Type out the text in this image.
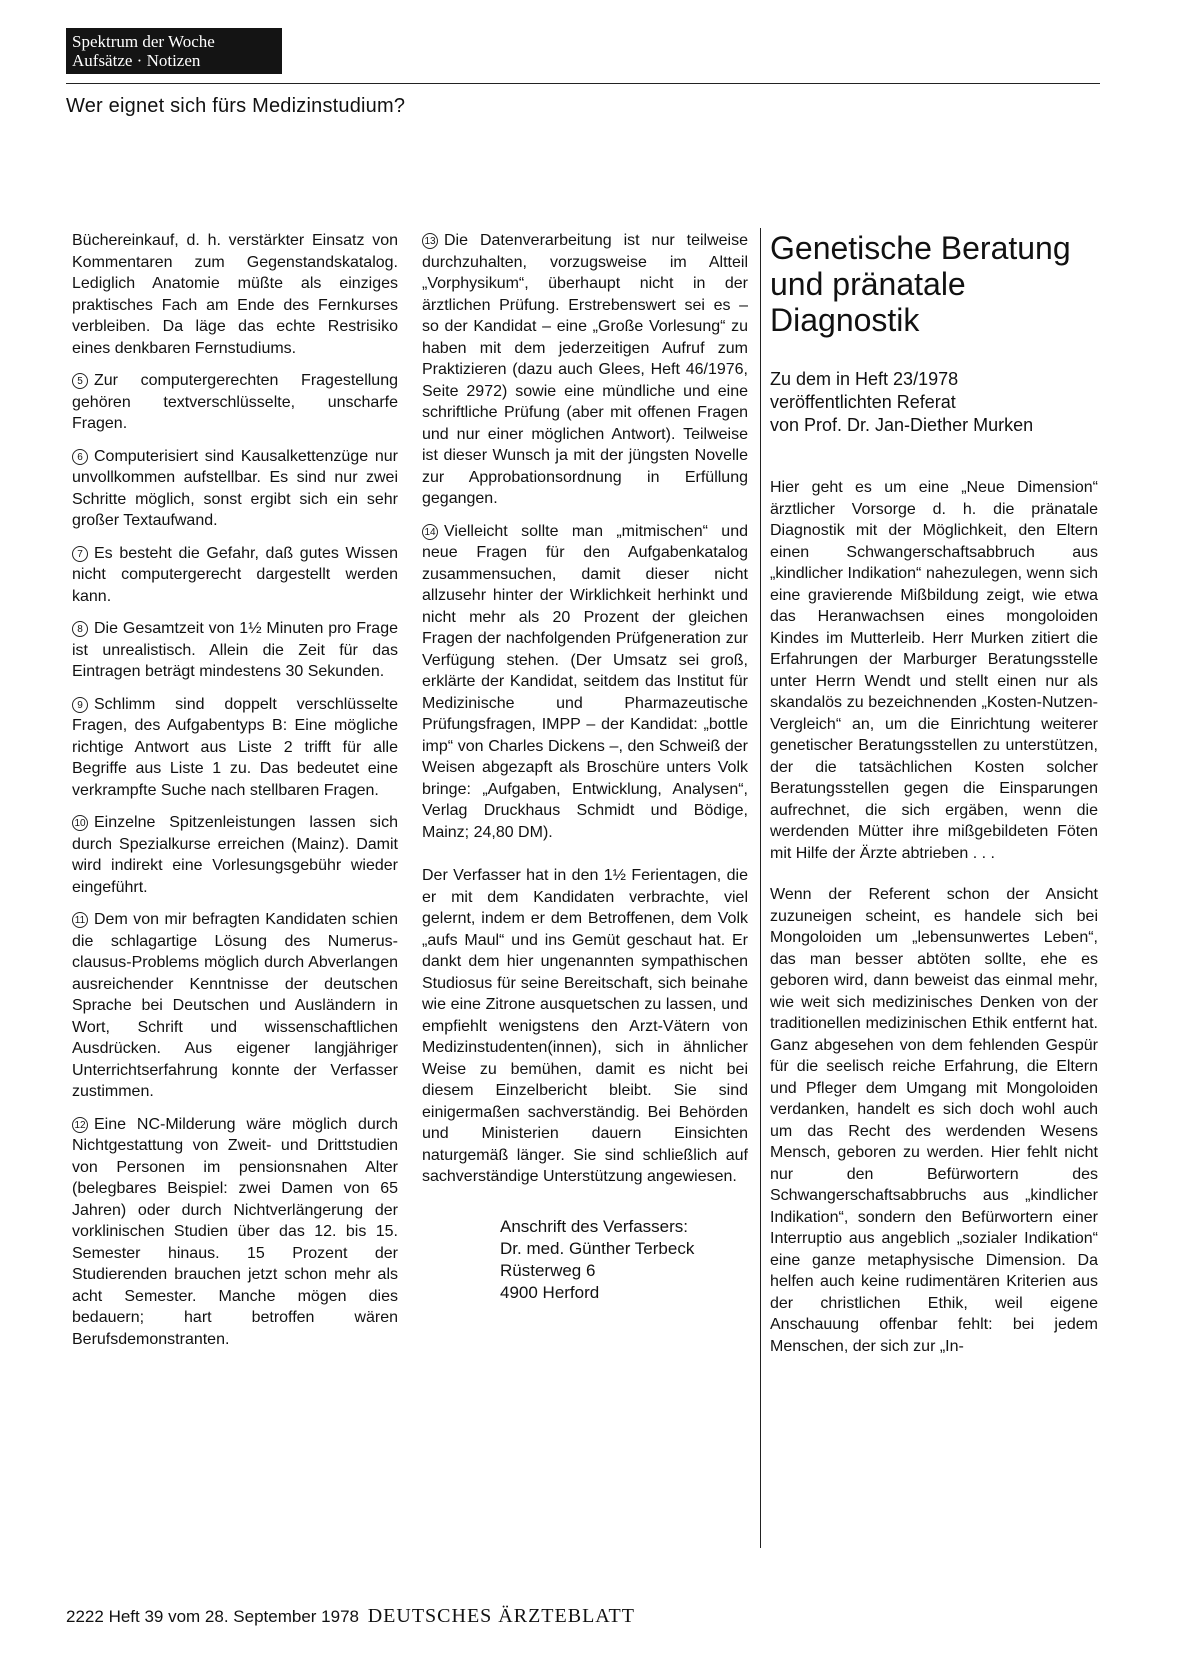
Spektrum der Woche
Aufsätze · Notizen
Wer eignet sich fürs Medizinstudium?

Büchereinkauf, d. h. verstärkter Einsatz von Kommentaren zum Gegenstandskatalog. Lediglich Anatomie müßte als einziges praktisches Fach am Ende des Fernkurses verbleiben. Da läge das echte Restrisiko eines denkbaren Fernstudiums.

5 Zur computergerechten Fragestellung gehören textverschlüsselte, unscharfe Fragen.

6 Computerisiert sind Kausalkettenzüge nur unvollkommen aufstellbar. Es sind nur zwei Schritte möglich, sonst ergibt sich ein sehr großer Textaufwand.

7 Es besteht die Gefahr, daß gutes Wissen nicht computergerecht dargestellt werden kann.

8 Die Gesamtzeit von 1½ Minuten pro Frage ist unrealistisch. Allein die Zeit für das Eintragen beträgt mindestens 30 Sekunden.

9 Schlimm sind doppelt verschlüsselte Fragen, des Aufgabentyps B: Eine mögliche richtige Antwort aus Liste 2 trifft für alle Begriffe aus Liste 1 zu. Das bedeutet eine verkrampfte Suche nach stellbaren Fragen.

10 Einzelne Spitzenleistungen lassen sich durch Spezialkurse erreichen (Mainz). Damit wird indirekt eine Vorlesungsgebühr wieder eingeführt.

11 Dem von mir befragten Kandidaten schien die schlagartige Lösung des Numerus-clausus-Problems möglich durch Abverlangen ausreichender Kenntnisse der deutschen Sprache bei Deutschen und Ausländern in Wort, Schrift und wissenschaftlichen Ausdrücken. Aus eigener langjähriger Unterrichtserfahrung konnte der Verfasser zustimmen.

12 Eine NC-Milderung wäre möglich durch Nichtgestattung von Zweit- und Drittstudien von Personen im pensionsnahen Alter (belegbares Beispiel: zwei Damen von 65 Jahren) oder durch Nichtverlängerung der vorklinischen Studien über das 12. bis 15. Semester hinaus. 15 Prozent der Studierenden brauchen jetzt schon mehr als acht Semester. Manche mögen dies bedauern; hart betroffen wären Berufsdemonstranten.

13 Die Datenverarbeitung ist nur teilweise durchzuhalten, vorzugsweise im Altteil „Vorphysikum“, überhaupt nicht in der ärztlichen Prüfung. Erstrebenswert sei es – so der Kandidat – eine „Große Vorlesung“ zu haben mit dem jederzeitigen Aufruf zum Praktizieren (dazu auch Glees, Heft 46/1976, Seite 2972) sowie eine mündliche und eine schriftliche Prüfung (aber mit offenen Fragen und nur einer möglichen Antwort). Teilweise ist dieser Wunsch ja mit der jüngsten Novelle zur Approbationsordnung in Erfüllung gegangen.

14 Vielleicht sollte man „mitmischen“ und neue Fragen für den Aufgabenkatalog zusammensuchen, damit dieser nicht allzusehr hinter der Wirklichkeit herhinkt und nicht mehr als 20 Prozent der gleichen Fragen der nachfolgenden Prüfgeneration zur Verfügung stehen. (Der Umsatz sei groß, erklärte der Kandidat, seitdem das Institut für Medizinische und Pharmazeutische Prüfungsfragen, IMPP – der Kandidat: „bottle imp“ von Charles Dickens –, den Schweiß der Weisen abgezapft als Broschüre unters Volk bringe: „Aufgaben, Entwicklung, Analysen“, Verlag Druckhaus Schmidt und Bödige, Mainz; 24,80 DM).

Der Verfasser hat in den 1½ Ferientagen, die er mit dem Kandidaten verbrachte, viel gelernt, indem er dem Betroffenen, dem Volk „aufs Maul“ und ins Gemüt geschaut hat. Er dankt dem hier ungenannten sympathischen Studiosus für seine Bereitschaft, sich beinahe wie eine Zitrone ausquetschen zu lassen, und empfiehlt wenigstens den Arzt-Vätern von Medizinstudenten(innen), sich in ähnlicher Weise zu bemühen, damit es nicht bei diesem Einzelbericht bleibt. Sie sind einigermaßen sachverständig. Bei Behörden und Ministerien dauern Einsichten naturgemäß länger. Sie sind schließlich auf sachverständige Unterstützung angewiesen.

Anschrift des Verfassers:
Dr. med. Günther Terbeck
Rüsterweg 6
4900 Herford
Genetische Beratung und pränatale Diagnostik
Zu dem in Heft 23/1978
veröffentlichten Referat
von Prof. Dr. Jan-Diether Murken

Hier geht es um eine „Neue Dimension“ ärztlicher Vorsorge d. h. die pränatale Diagnostik mit der Möglichkeit, den Eltern einen Schwangerschaftsabbruch aus „kindlicher Indikation“ nahezulegen, wenn sich eine gravierende Mißbildung zeigt, wie etwa das Heranwachsen eines mongoloiden Kindes im Mutterleib. Herr Murken zitiert die Erfahrungen der Marburger Beratungsstelle unter Herrn Wendt und stellt einen nur als skandalös zu bezeichnenden „Kosten-Nutzen-Vergleich“ an, um die Einrichtung weiterer genetischer Beratungsstellen zu unterstützen, der die tatsächlichen Kosten solcher Beratungsstellen gegen die Einsparungen aufrechnet, die sich ergäben, wenn die werdenden Mütter ihre mißgebildeten Föten mit Hilfe der Ärzte abtrieben . . .

Wenn der Referent schon der Ansicht zuzuneigen scheint, es handele sich bei Mongoloiden um „lebensunwertes Leben“, das man besser abtöten sollte, ehe es geboren wird, dann beweist das einmal mehr, wie weit sich medizinisches Denken von der traditionellen medizinischen Ethik entfernt hat. Ganz abgesehen von dem fehlenden Gespür für die seelisch reiche Erfahrung, die Eltern und Pfleger dem Umgang mit Mongoloiden verdanken, handelt es sich doch wohl auch um das Recht des werdenden Wesens Mensch, geboren zu werden. Hier fehlt nicht nur den Befürwortern des Schwangerschaftsabbruchs aus „kindlicher Indikation“, sondern den Befürwortern einer Interruptio aus angeblich „sozialer Indikation“ eine ganze metaphysische Dimension. Da helfen auch keine rudimentären Kriterien aus der christlichen Ethik, weil eigene Anschauung offenbar fehlt: bei jedem Menschen, der sich zur „In-

2222 Heft 39 vom 28. September 1978 DEUTSCHES ÄRZTEBLATT
